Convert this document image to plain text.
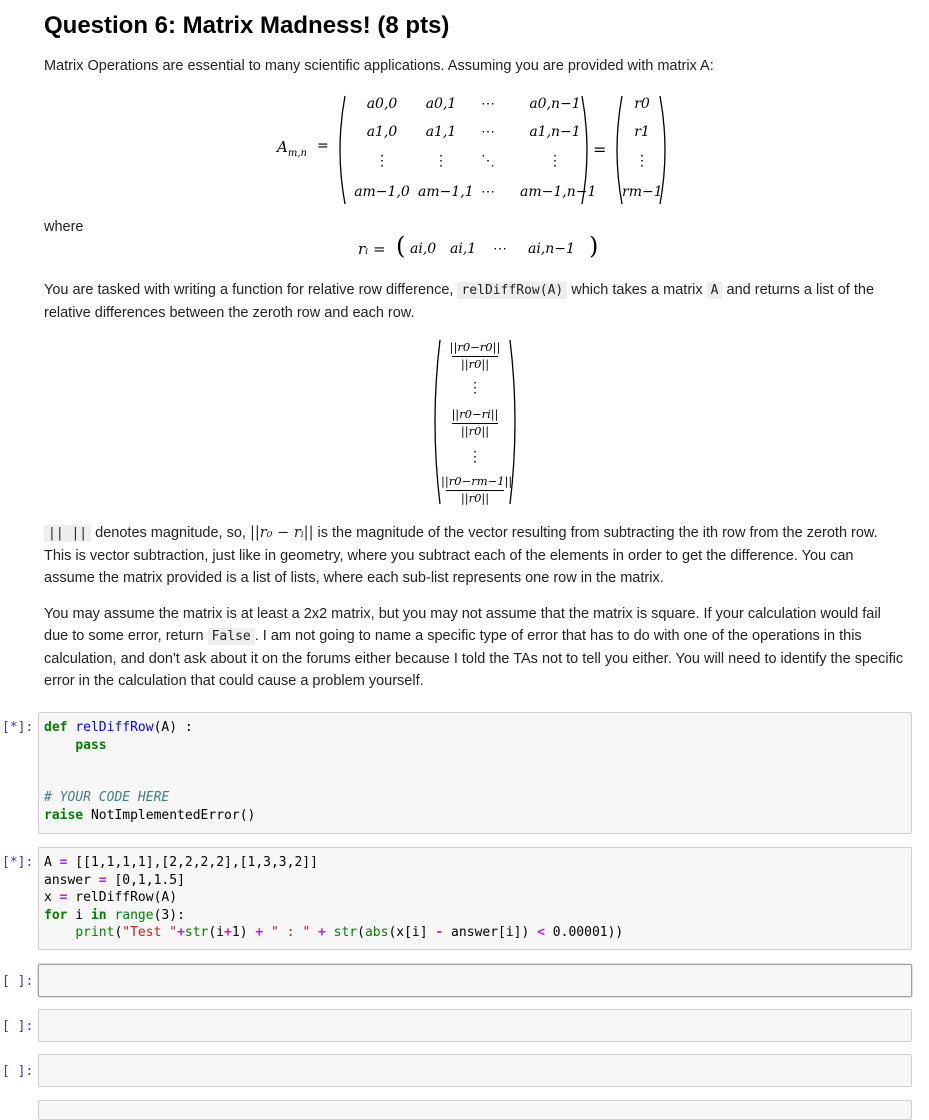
Question 6: Matrix Madness! (8 pts)
Matrix Operations are essential to many scientific applications. Assuming you are provided with matrix A:
$A_{m,n}$ =
a0,0	a0,1	⋯	a0,n−1
a1,0	a1,1	⋯	a1,n−1
⋮	⋮	⋱	⋮
am−1,0 am−1,1 ⋯ am−1,n−1
=
r0
r1
⋮
rm−1
where
rᵢ = (	)
ai,0 ai,1 ⋯ ai,n−1
You are tasked with writing a function for relative row difference, relDiffRow(A) which takes a matrix A and returns a list of the relative differences between the zeroth row and each row.
||r0−r0||
||r0||
⋮
||r0−ri||
||r0||
⋮
||r0−rm−1||
||r0||
|| || denotes magnitude, so, ||r₀ − rᵢ|| is the magnitude of the vector resulting from subtracting the ith row from the zeroth row. This is vector subtraction, just like in geometry, where you subtract each of the elements in order to get the difference. You can assume the matrix provided is a list of lists, where each sub-list represents one row in the matrix.
You may assume the matrix is at least a 2x2 matrix, but you may not assume that the matrix is square. If your calculation would fail due to some error, return False . I am not going to name a specific type of error that has to do with one of the operations in this calculation, and don't ask about it on the forums either because I told the TAs not to tell you either. You will need to identify the specific error in the calculation that could cause a problem yourself.
[*]: def relDiffRow(A) :
pass

# YOUR CODE HERE
raise NotImplementedError()
[*]: A = [[1,1,1,1],[2,2,2,2],[1,3,3,2]]
answer = [0,1,1.5]
x = relDiffRow(A)
for i in range(3):
print("Test "+str(i+1) + " : " + str(abs(x[i] - answer[i]) < 0.00001))
[ ]:
[ ]:
[ ]:
